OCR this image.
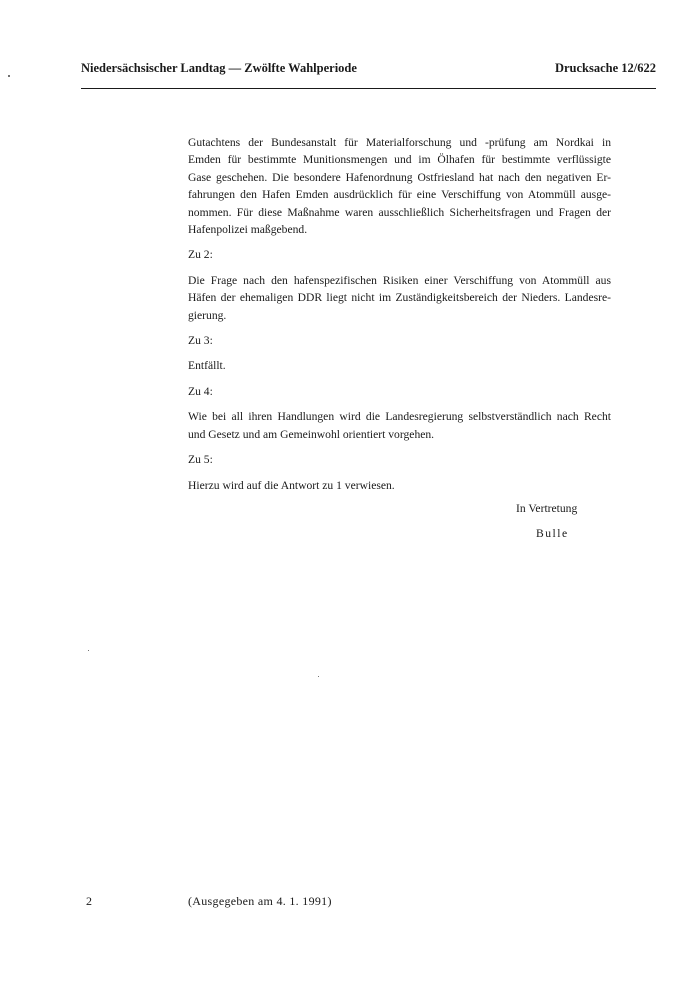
Niedersächsischer Landtag — Zwölfte Wahlperiode	Drucksache 12/622

Gutachtens der Bundesanstalt für Materialforschung und -prüfung am Nordkai in

Emden für bestimmte Munitionsmengen und im Ölhafen für bestimmte verflüssigte

Gase geschehen. Die besondere Hafenordnung Ostfriesland hat nach den negativen Er-

fahrungen den Hafen Emden ausdrücklich für eine Verschiffung von Atommüll ausge-

nommen. Für diese Maßnahme waren ausschließlich Sicherheitsfragen und Fragen der

Hafenpolizei maßgebend.

Zu 2:

Die Frage nach den hafenspezifischen Risiken einer Verschiffung von Atommüll aus

Häfen der ehemaligen DDR liegt nicht im Zuständigkeitsbereich der Nieders. Landesre-

gierung.

Zu 3:

Entfällt.

Zu 4:

Wie bei all ihren Handlungen wird die Landesregierung selbstverständlich nach Recht

und Gesetz und am Gemeinwohl orientiert vorgehen.

Zu 5:

Hierzu wird auf die Antwort zu 1 verwiesen.

In Vertretung
Bulle
2	(Ausgegeben am 4. 1. 1991)
